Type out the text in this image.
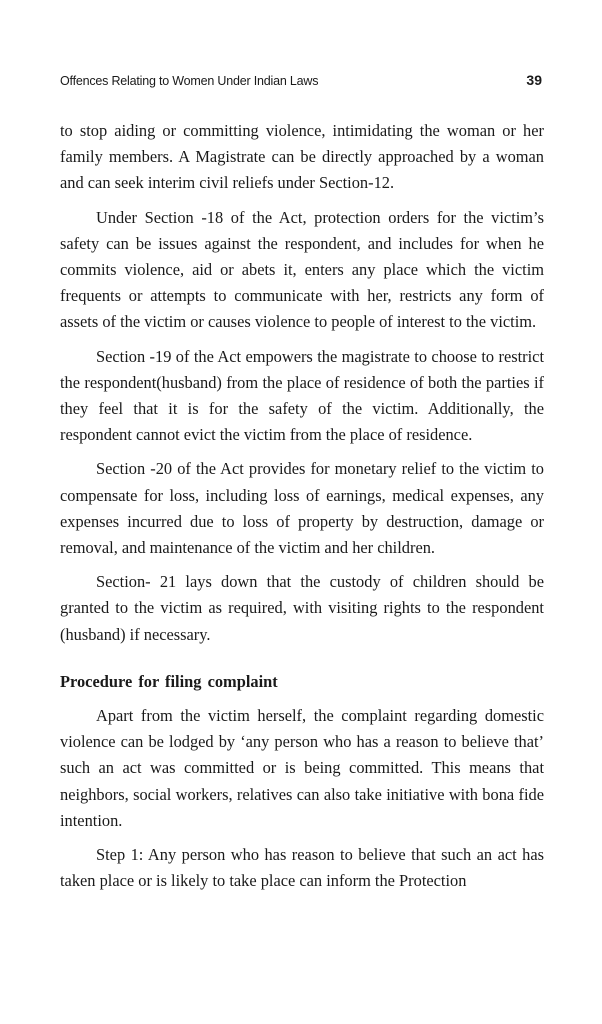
Offences Relating to Women Under Indian Laws	39

to stop aiding or committing violence, intimidating the woman or her family members. A Magistrate can be directly approached by a woman and can seek interim civil reliefs under Section-12.

Under Section -18 of the Act, protection orders for the victim’s safety can be issues against the respondent, and includes for when he commits violence, aid or abets it, enters any place which the victim frequents or attempts to communicate with her, restricts any form of assets of the victim or causes violence to people of interest to the victim.

Section -19 of the Act empowers the magistrate to choose to restrict the respondent(husband) from the place of residence of both the parties if they feel that it is for the safety of the victim. Additionally, the respondent cannot evict the victim from the place of residence.

Section -20 of the Act provides for monetary relief to the victim to compensate for loss, including loss of earnings, medical expenses, any expenses incurred due to loss of property by destruction, damage or removal, and maintenance of the victim and her children.

Section- 21 lays down that the custody of children should be granted to the victim as required, with visiting rights to the respondent (husband) if necessary.

Procedure for filing complaint

Apart from the victim herself, the complaint regarding domestic violence can be lodged by ‘any person who has a reason to believe that’ such an act was committed or is being committed. This means that neighbors, social workers, relatives can also take initiative with bona fide intention.

Step 1: Any person who has reason to believe that such an act has taken place or is likely to take place can inform the Protection
